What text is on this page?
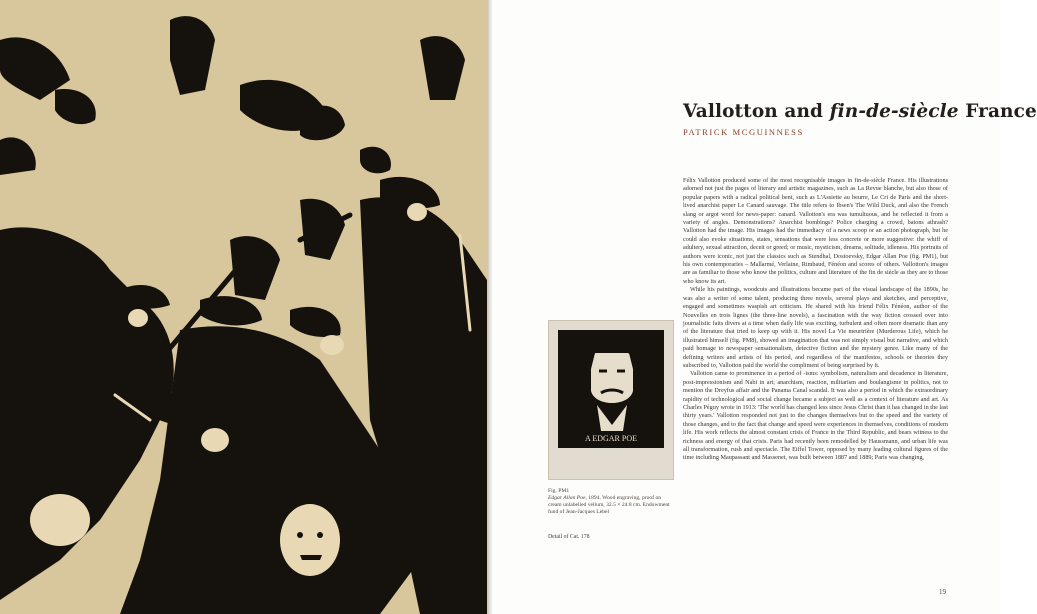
Vallotton and fin-de-siècle France
PATRICK MCGUINNESS

Félix Vallotton produced some of the most recognisable images in fin-de-siècle France. His illustrations adorned not just the pages of literary and artistic magazines, such as La Revue blanche, but also those of popular papers with a radical political bent, such as L'Assiette au beurre, Le Cri de Paris and the short-lived anarchist paper Le Canard sauvage. The title refers to Ibsen's The Wild Duck, and also the French slang or argot word for news-paper: canard. Vallotton's era was tumultuous, and he reflected it from a variety of angles. Demonstrations? Anarchist bombings? Police charging a crowd, batons athrash? Vallotton had the image. His images had the immediacy of a news scoop or an action photograph, but he could also evoke situations, states, sensations that were less concrete or more suggestive: the whiff of adultery, sexual attraction, deceit or greed; or music, mysticism, dreams, solitude, idleness. His portraits of authors were iconic, not just the classics such as Stendhal, Dostoevsky, Edgar Allan Poe (fig. PM1), but his own contemporaries – Mallarmé, Verlaine, Rimbaud, Fénéon and scores of others. Vallotton's images are as familiar to those who know the politics, culture and literature of the fin de siècle as they are to those who know its art.

While his paintings, woodcuts and illustrations became part of the visual landscape of the 1890s, he was also a writer of some talent, producing three novels, several plays and sketches, and perceptive, engaged and sometimes waspish art criticism. He shared with his friend Félix Fénéon, author of the Nouvelles en trois lignes (the three-line novels), a fascination with the way fiction crossed over into journalistic faits divers at a time when daily life was exciting, turbulent and often more dramatic than any of the literature that tried to keep up with it. His novel La Vie meurtrière (Murderous Life), which he illustrated himself (fig. PM8), showed an imagination that was not simply visual but narrative, and which paid homage to newspaper sensationalism, detective fiction and the mystery genre. Like many of the defining writers and artists of his period, and regardless of the manifestos, schools or theories they subscribed to, Vallotton paid the world the compliment of being surprised by it.

Vallotton came to prominence in a period of -isms: symbolism, naturalism and decadence in literature, post-impressionism and Nabi in art; anarchism, reaction, militarism and boulangisme in politics, not to mention the Dreyfus affair and the Panama Canal scandal. It was also a period in which the extraordinary rapidity of technological and social change became a subject as well as a context of literature and art. As Charles Péguy wrote in 1913: 'The world has changed less since Jesus Christ than it has changed in the last thirty years.' Vallotton responded not just to the changes themselves but to the speed and the variety of those changes, and to the fact that change and speed were experiences in themselves, conditions of modern life. His work reflects the almost constant crisis of France in the Third Republic, and bears witness to the richness and energy of that crisis. Paris had recently been remodelled by Haussmann, and urban life was all transformation, rush and spectacle. The Eiffel Tower, opposed by many leading cultural figures of the time including Maupassant and Massenet, was built between 1887 and 1889; Paris was changing,

A EDGAR POE
Fig. PM1
Edgar Allan Poe, 1894. Wood engraving, proof on cream unlabelled vellum, 32.5 × 24.8 cm. Endowment fund of Jean-Jacques Lebel
Detail of Cat. 178
19
